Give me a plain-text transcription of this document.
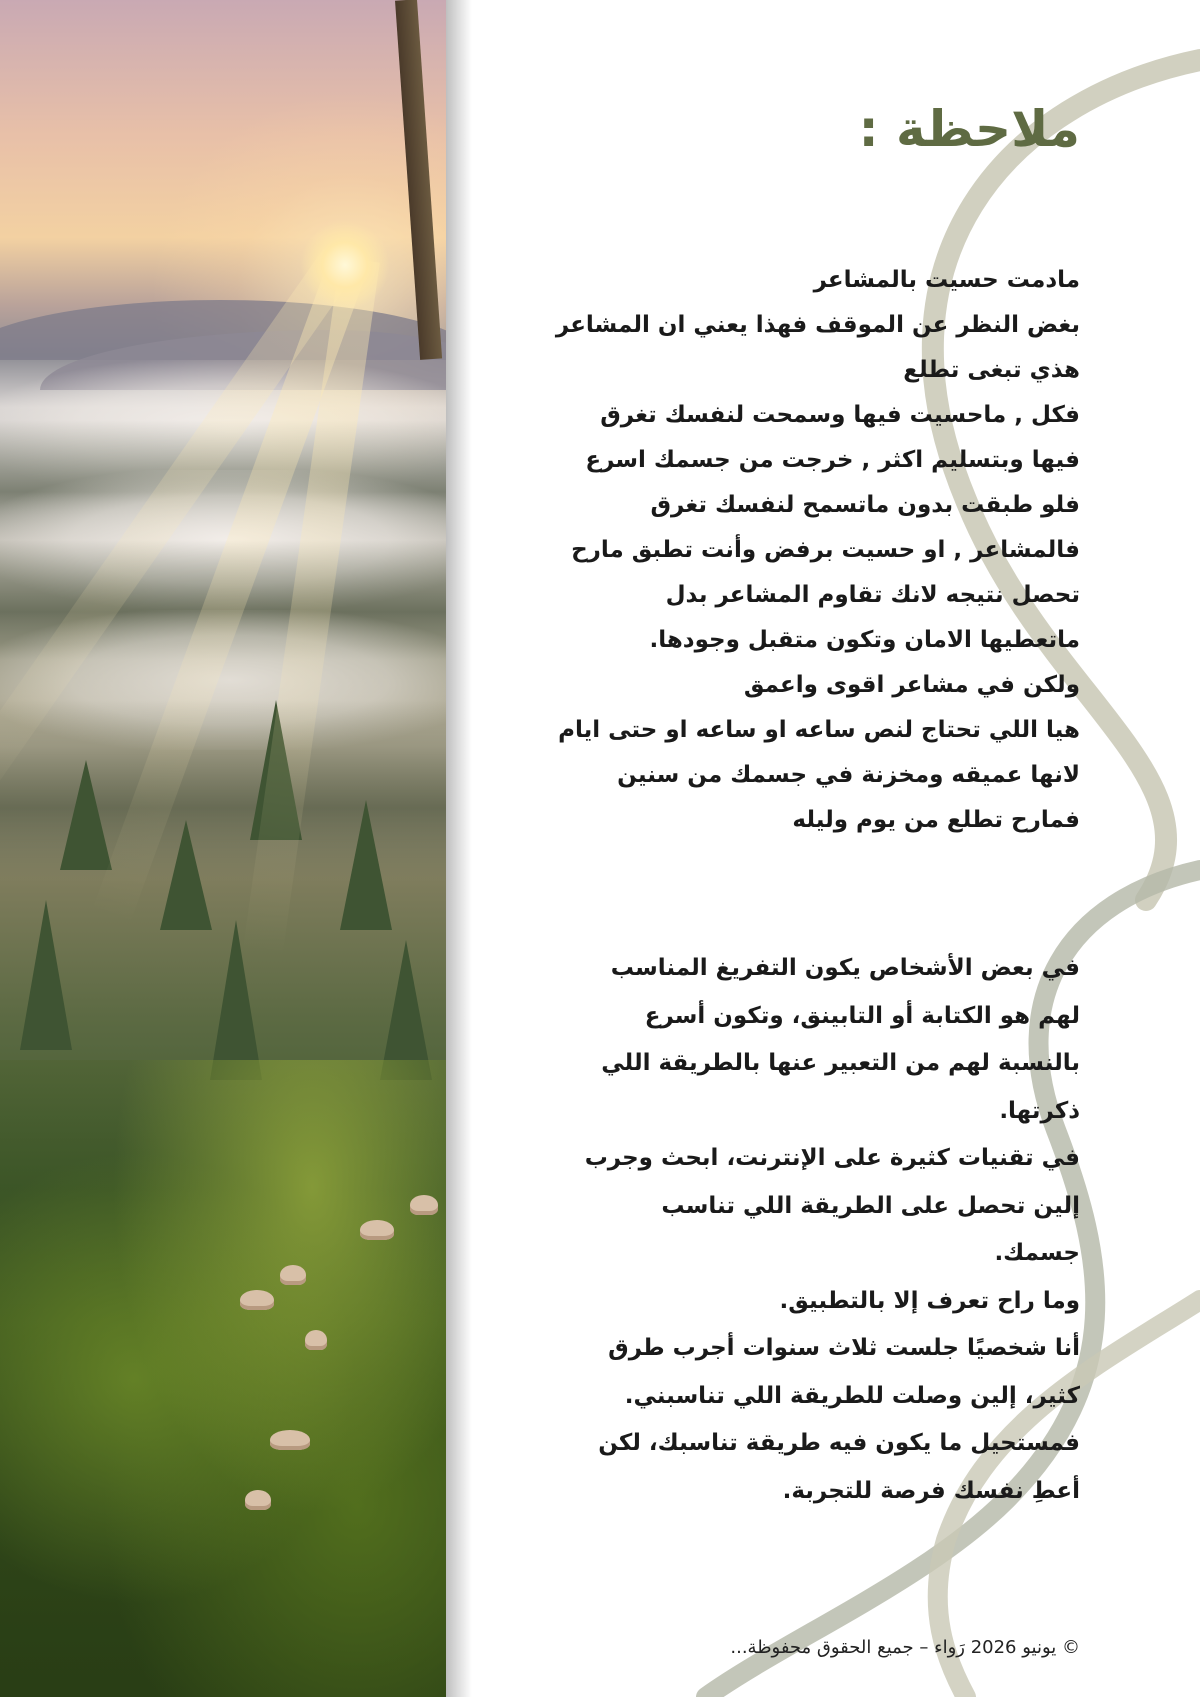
ملاحظة :

مادمت حسيت بالمشاعر

بغض النظر عن الموقف فهذا يعني ان المشاعر

هذي تبغى تطلع

فكل , ماحسيت فيها وسمحت لنفسك تغرق

فيها وبتسليم اكثر , خرجت من جسمك اسرع

فلو طبقت بدون ماتسمح لنفسك تغرق

فالمشاعر , او حسيت برفض وأنت تطبق مارح

تحصل نتيجه لانك تقاوم المشاعر بدل

ماتعطيها الامان وتكون متقبل وجودها.

ولكن في مشاعر اقوى واعمق

هيا اللي تحتاج لنص ساعه او ساعه او حتى ايام

لانها عميقه ومخزنة في جسمك من سنين

فمارح تطلع من يوم وليله

في بعض الأشخاص يكون التفريغ المناسب

لهم هو الكتابة أو التابينق، وتكون أسرع

بالنسبة لهم من التعبير عنها بالطريقة اللي

ذكرتها.

في تقنيات كثيرة على الإنترنت، ابحث وجرب

إلين تحصل على الطريقة اللي تناسب

جسمك.

وما راح تعرف إلا بالتطبيق.

أنا شخصيًا جلست ثلاث سنوات أجرب طرق

كثير، إلين وصلت للطريقة اللي تناسبني.

فمستحيل ما يكون فيه طريقة تناسبك، لكن

أعطِ نفسك فرصة للتجربة.

© يونيو 2026 رَواء – جميع الحقوق محفوظة...
